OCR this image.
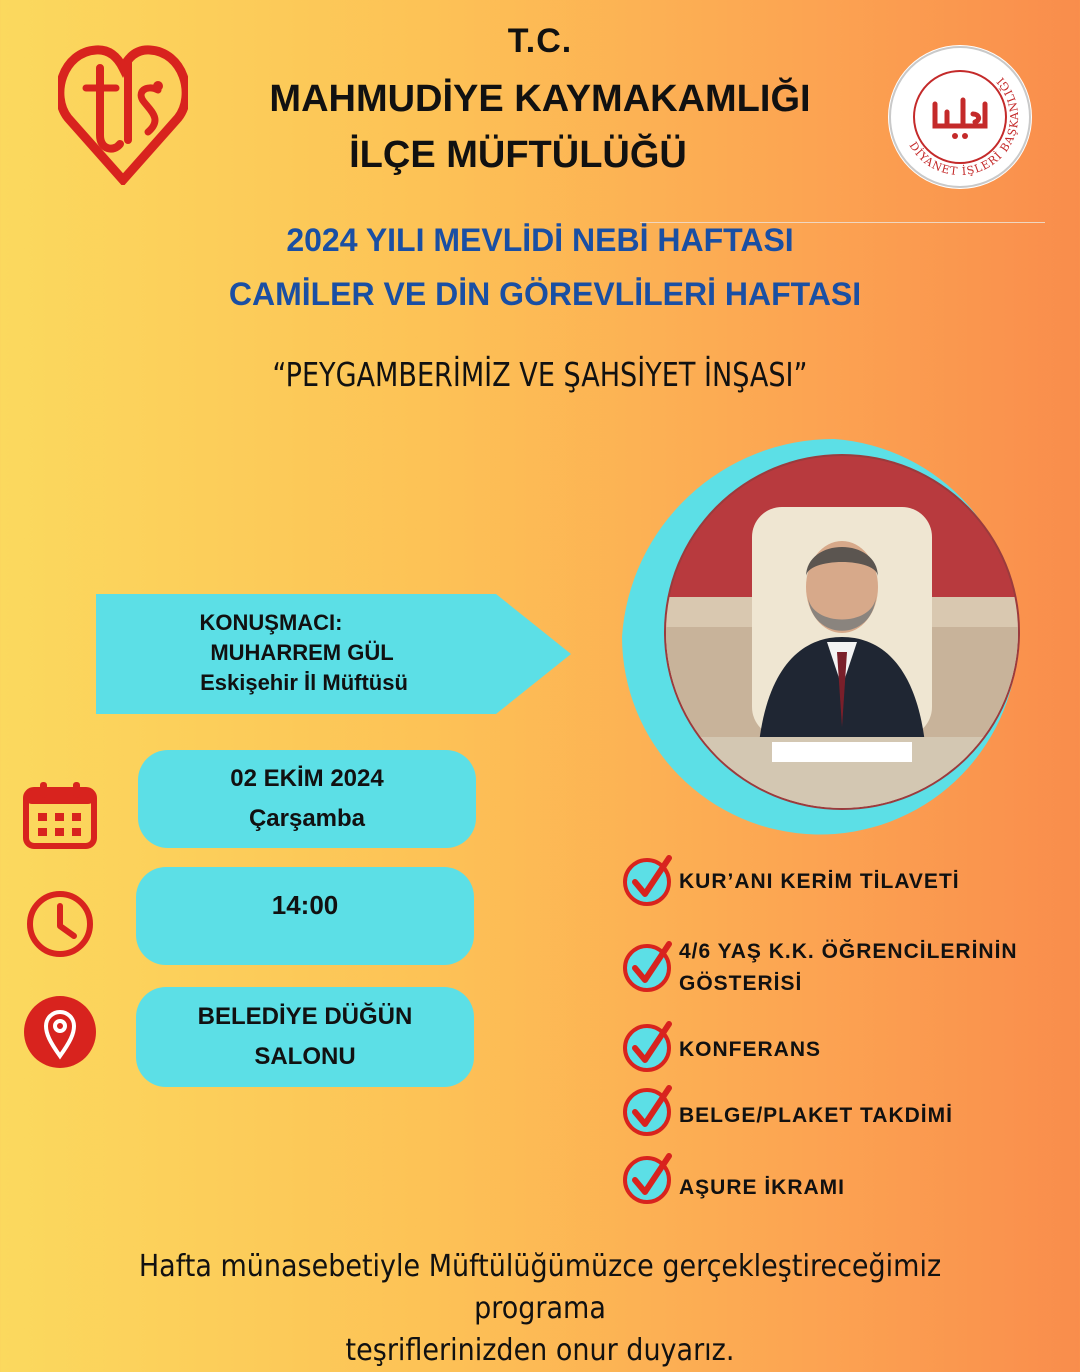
DİYANET İŞLERİ BAŞKANLIĞI
T.C.
MAHMUDİYE KAYMAKAMLIĞI
İLÇE MÜFTÜLÜĞÜ
2024 YILI MEVLİDİ NEBİ HAFTASI
CAMİLER VE DİN GÖREVLİLERİ HAFTASI
“PEYGAMBERİMİZ VE ŞAHSİYET İNŞASI”
KONUŞMACI:
MUHARREM GÜL
Eskişehir İl Müftüsü
02 EKİM 2024
Çarşamba
14:00
BELEDİYE DÜĞÜN
SALONU
KUR’ANI KERİM TİLAVETİ
4/6 YAŞ K.K. ÖĞRENCİLERİNİN
GÖSTERİSİ
KONFERANS
BELGE/PLAKET TAKDİMİ
AŞURE İKRAMI
Hafta münasebetiyle Müftülüğümüzce gerçekleştireceğimiz programa
teşriflerinizden onur duyarız.
